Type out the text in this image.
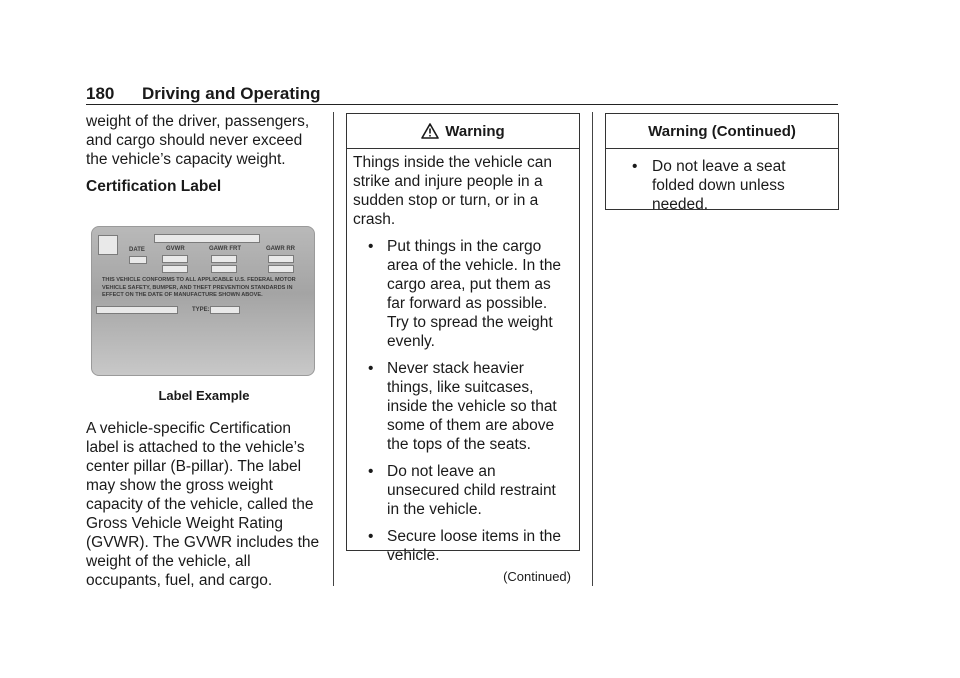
180 Driving and Operating

weight of the driver, passengers, and cargo should never exceed the vehicle’s capacity weight.

Certification Label

DATE	GVWR	GAWR FRT	GAWR RR
THIS VEHICLE CONFORMS TO ALL APPLICABLE U.S. FEDERAL MOTOR VEHICLE SAFETY, BUMPER, AND THEFT PREVENTION STANDARDS IN EFFECT ON THE DATE OF MANUFACTURE SHOWN ABOVE.
TYPE:

Label Example

A vehicle-specific Certification label is attached to the vehicle’s center pillar (B-pillar). The label may show the gross weight capacity of the vehicle, called the Gross Vehicle Weight Rating (GVWR). The GVWR includes the weight of the vehicle, all occupants, fuel, and cargo.

Warning

Things inside the vehicle can strike and injure people in a sudden stop or turn, or in a crash.

• Put things in the cargo area of the vehicle. In the cargo area, put them as far forward as possible. Try to spread the weight evenly.
• Never stack heavier things, like suitcases, inside the vehicle so that some of them are above the tops of the seats.
• Do not leave an unsecured child restraint in the vehicle.
• Secure loose items in the vehicle.
(Continued)
Warning (Continued)
• Do not leave a seat folded down unless needed.
